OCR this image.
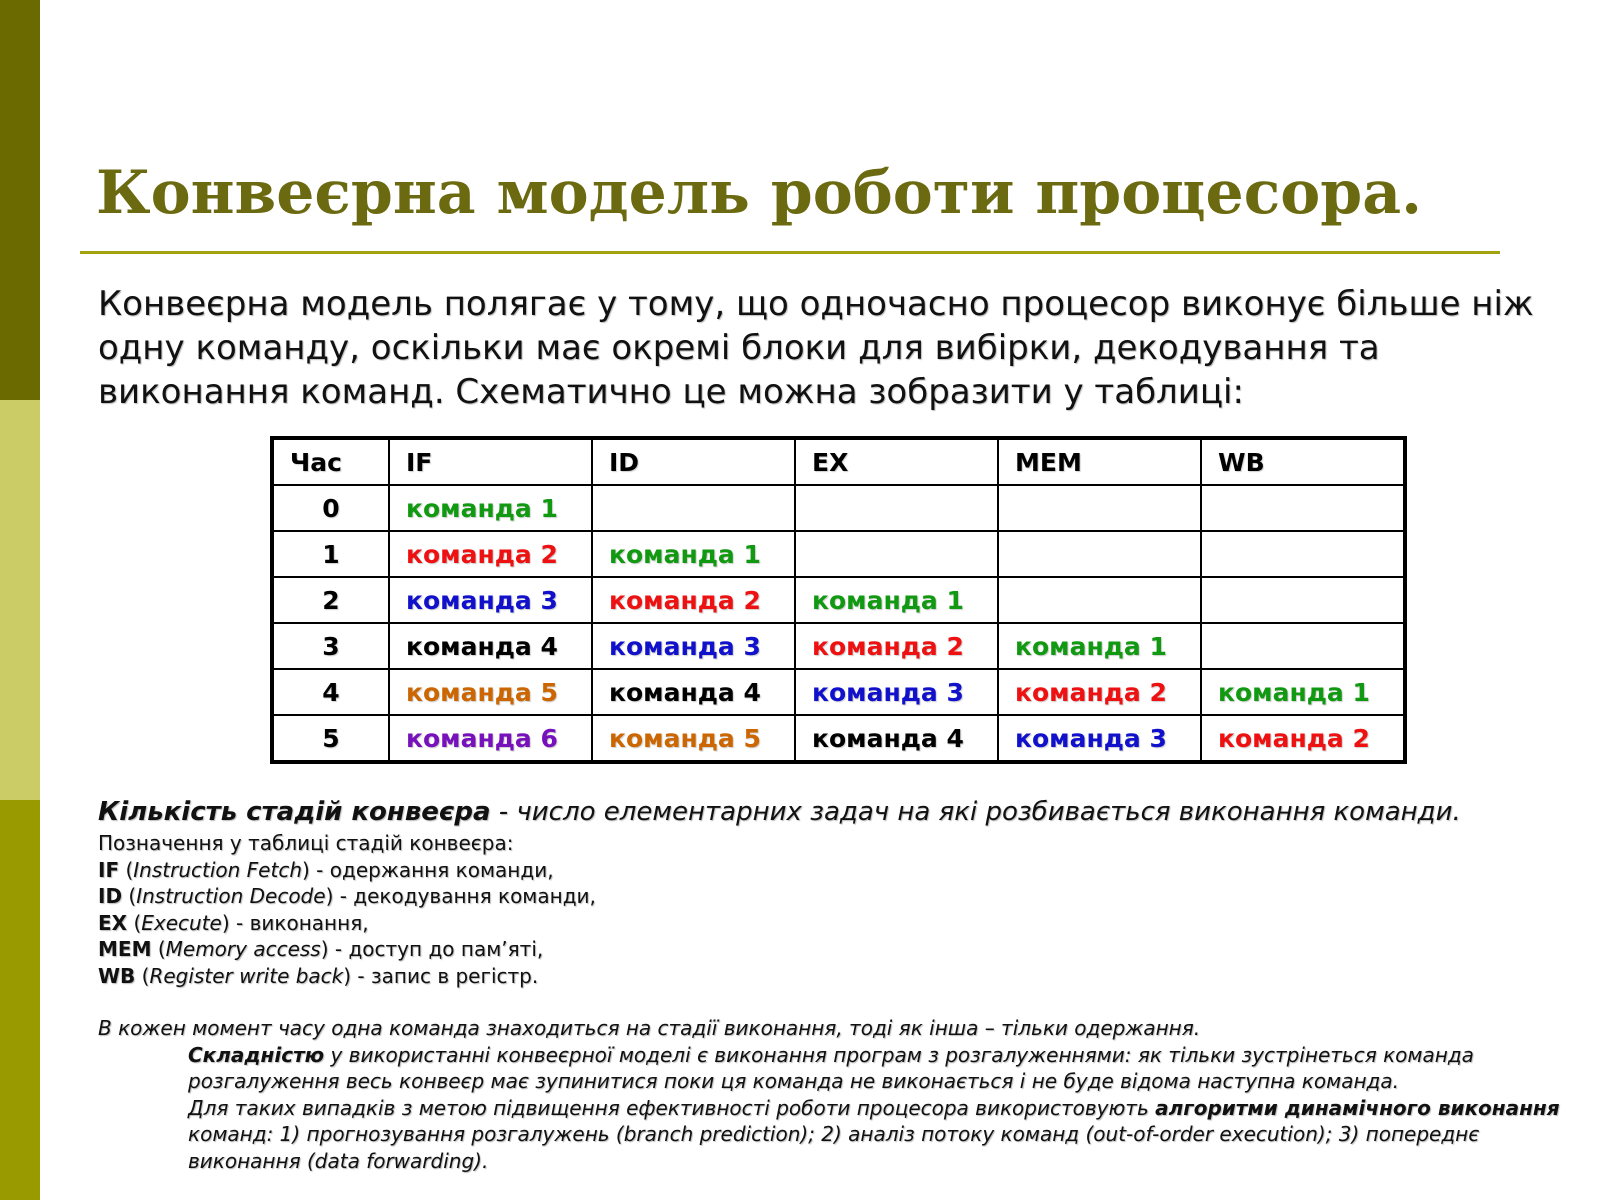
Конвеєрна модель роботи процесора.

Конвеєрна модель полягає у тому, що одночасно процесор виконує більше ніж одну команду, оскільки має окремі блоки для вибірки, декодування та виконання команд. Схематично це можна зобразити у таблиці:

Час	IF	ID	EX	MEM	WB
0	команда 1				
1	команда 2	команда 1			
2	команда 3	команда 2	команда 1		
3	команда 4	команда 3	команда 2	команда 1	
4	команда 5	команда 4	команда 3	команда 2	команда 1
5	команда 6	команда 5	команда 4	команда 3	команда 2

Кількість стадій конвеєра - число елементарних задач на які розбивається виконання команди.

Позначення у таблиці стадій конвеєра:

IF (Instruction Fetch) - одержання команди,

ID (Instruction Decode) - декодування команди,

EX (Execute) - виконання,

MEM (Memory access) - доступ до пам’яті,

WB (Register write back) - запис в регістр.

В кожен момент часу одна команда знаходиться на стадії виконання, тоді як інша – тільки одержання.

Складністю у використанні конвеєрної моделі є виконання програм з розгалуженнями: як тільки зустрінеться команда розгалуження весь конвеєр має зупинитися поки ця команда не виконається і не буде відома наступна команда.

Для таких випадків з метою підвищення ефективності роботи процесора використовують алгоритми динамічного виконання команд: 1) прогнозування розгалужень (branch prediction); 2) аналіз потоку команд (out-of-order execution); 3) попереднє виконання (data forwarding).
